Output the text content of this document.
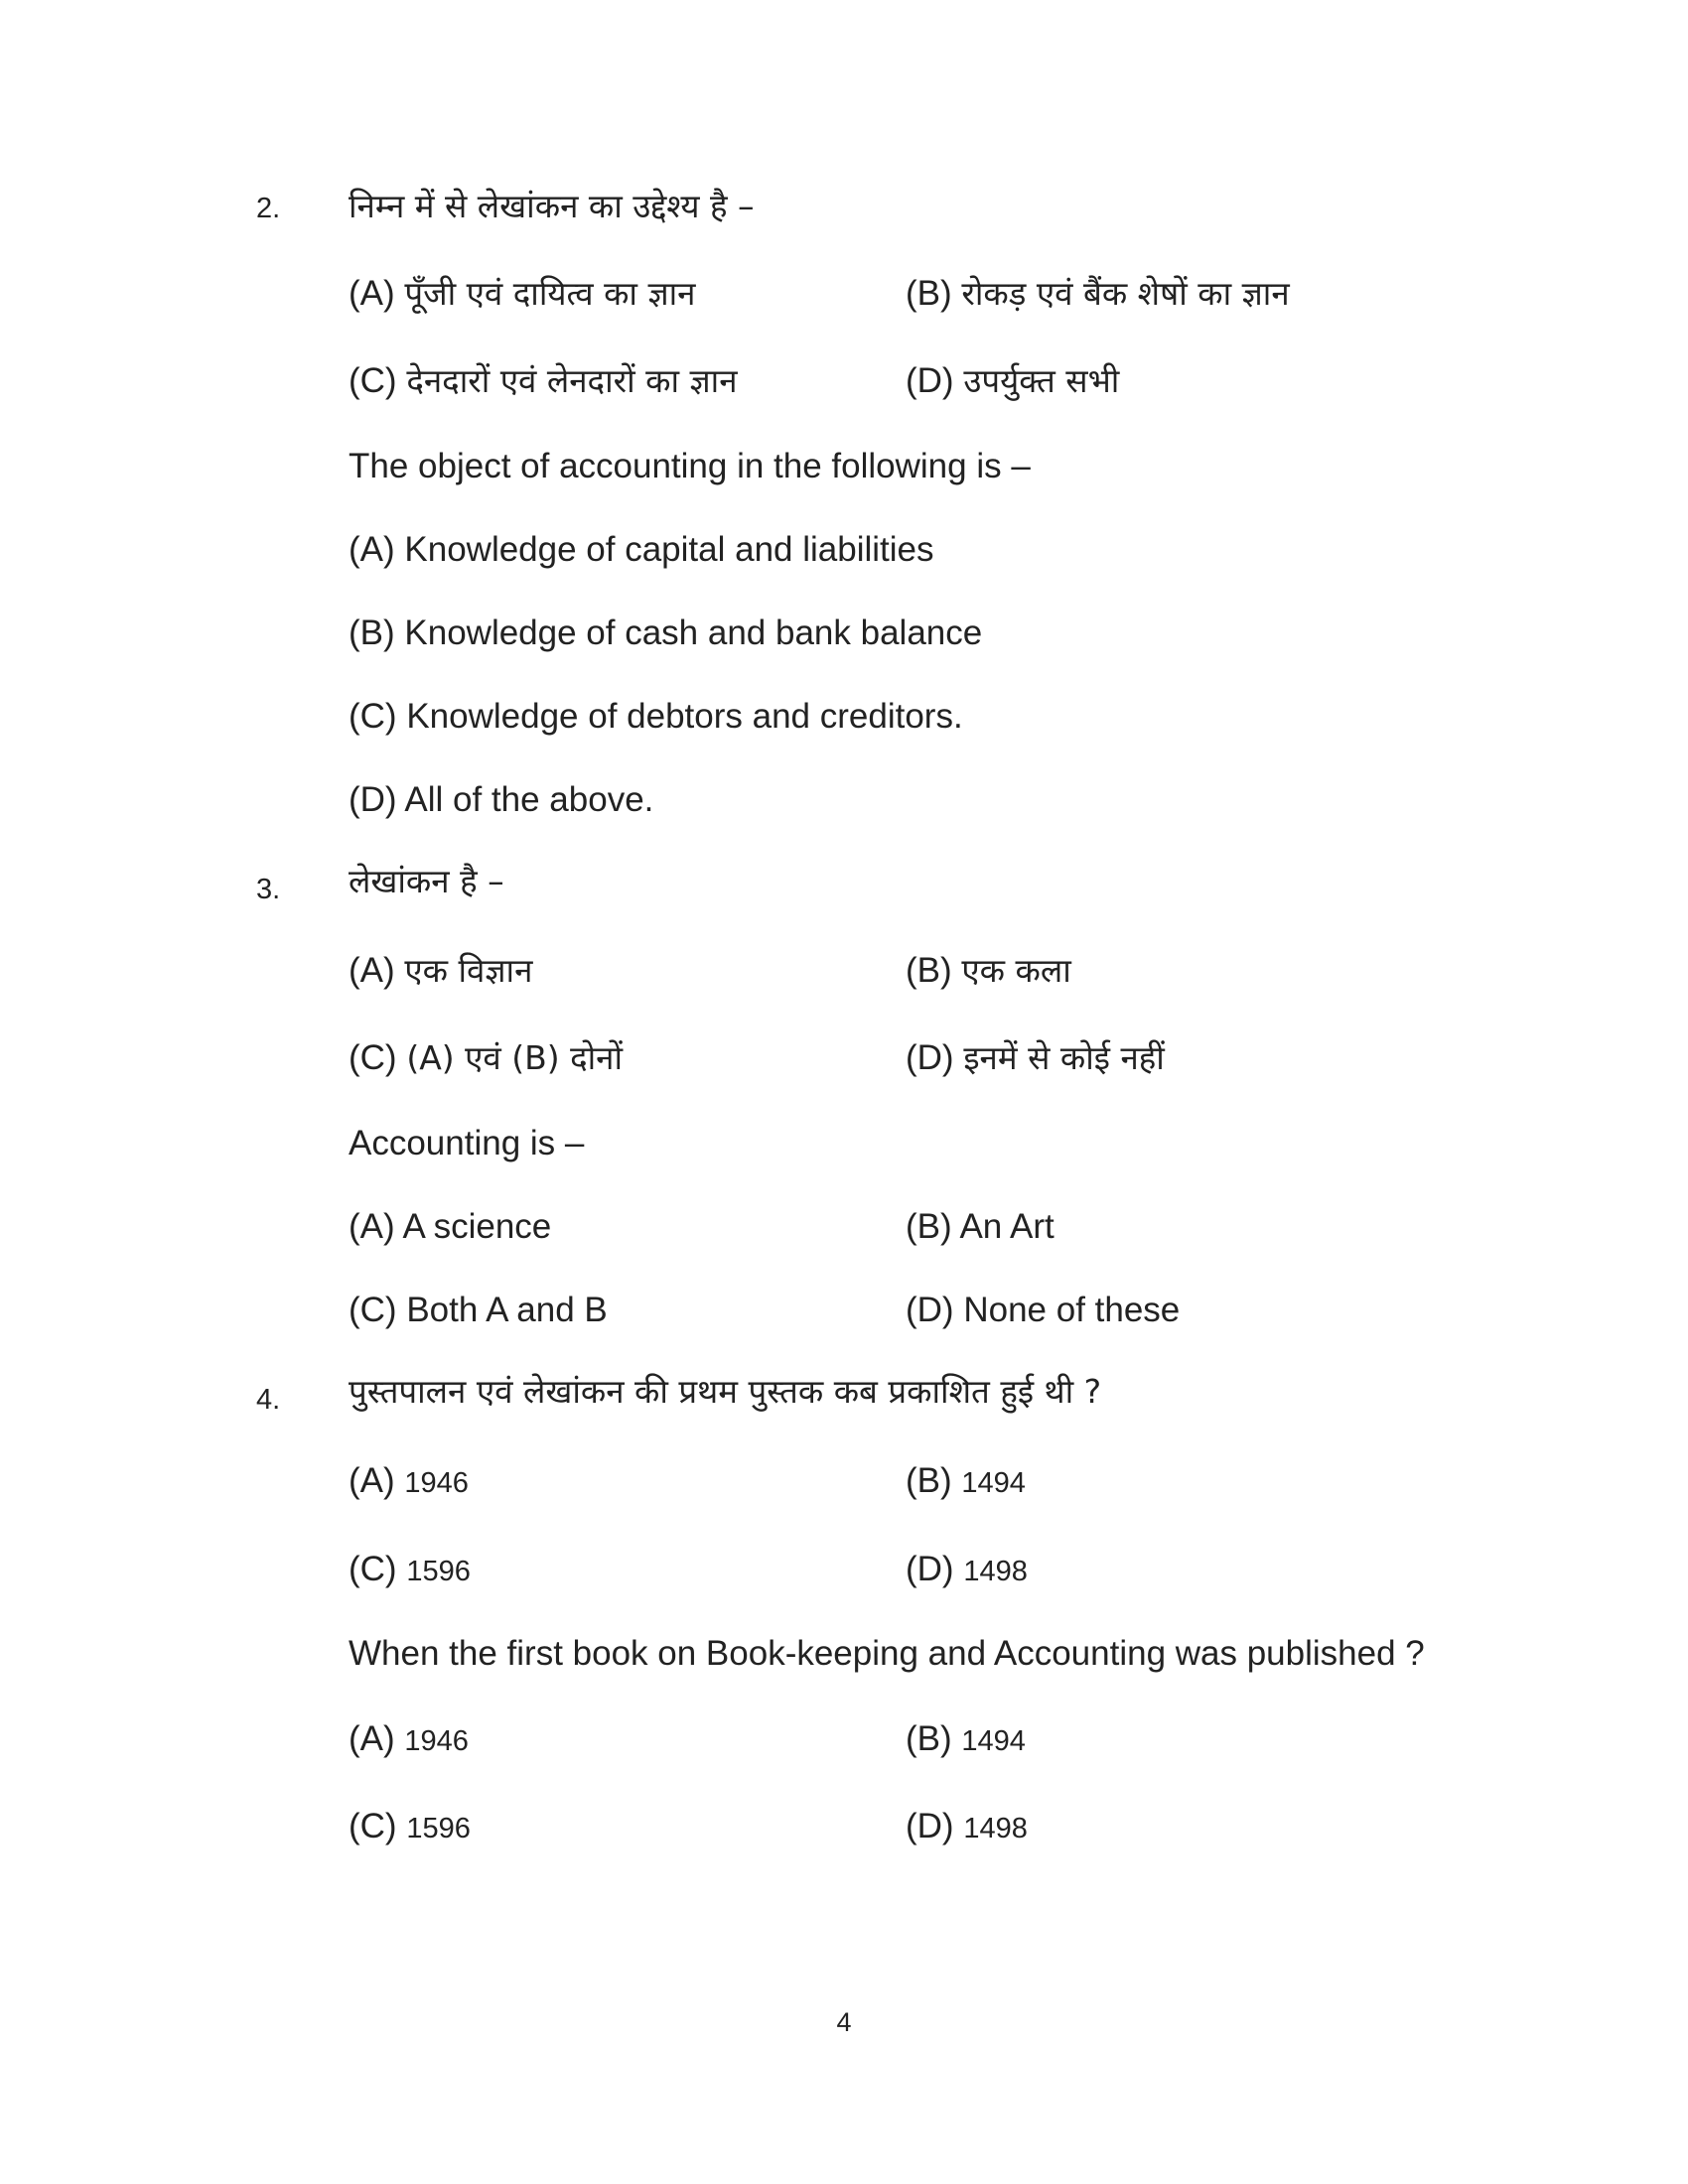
2. निम्न में से लेखांकन का उद्देश्य है –
(A) पूँजी एवं दायित्व का ज्ञान	(B) रोकड़ एवं बैंक शेषों का ज्ञान
(C) देनदारों एवं लेनदारों का ज्ञान	(D) उपर्युक्त सभी
The object of accounting in the following is –
(A) Knowledge of capital and liabilities
(B) Knowledge of cash and bank balance
(C) Knowledge of debtors and creditors.
(D) All of the above.
3. लेखांकन है –
(A) एक विज्ञान	(B) एक कला
(C) (A) एवं (B) दोनों	(D) इनमें से कोई नहीं
Accounting is –
(A) A science	(B) An Art
(C) Both A and B	(D) None of these
4. पुस्तपालन एवं लेखांकन की प्रथम पुस्तक कब प्रकाशित हुई थी ?
(A) 1946	(B) 1494
(C) 1596	(D) 1498
When the first book on Book-keeping and Accounting was published ?
(A) 1946	(B) 1494
(C) 1596	(D) 1498
4
